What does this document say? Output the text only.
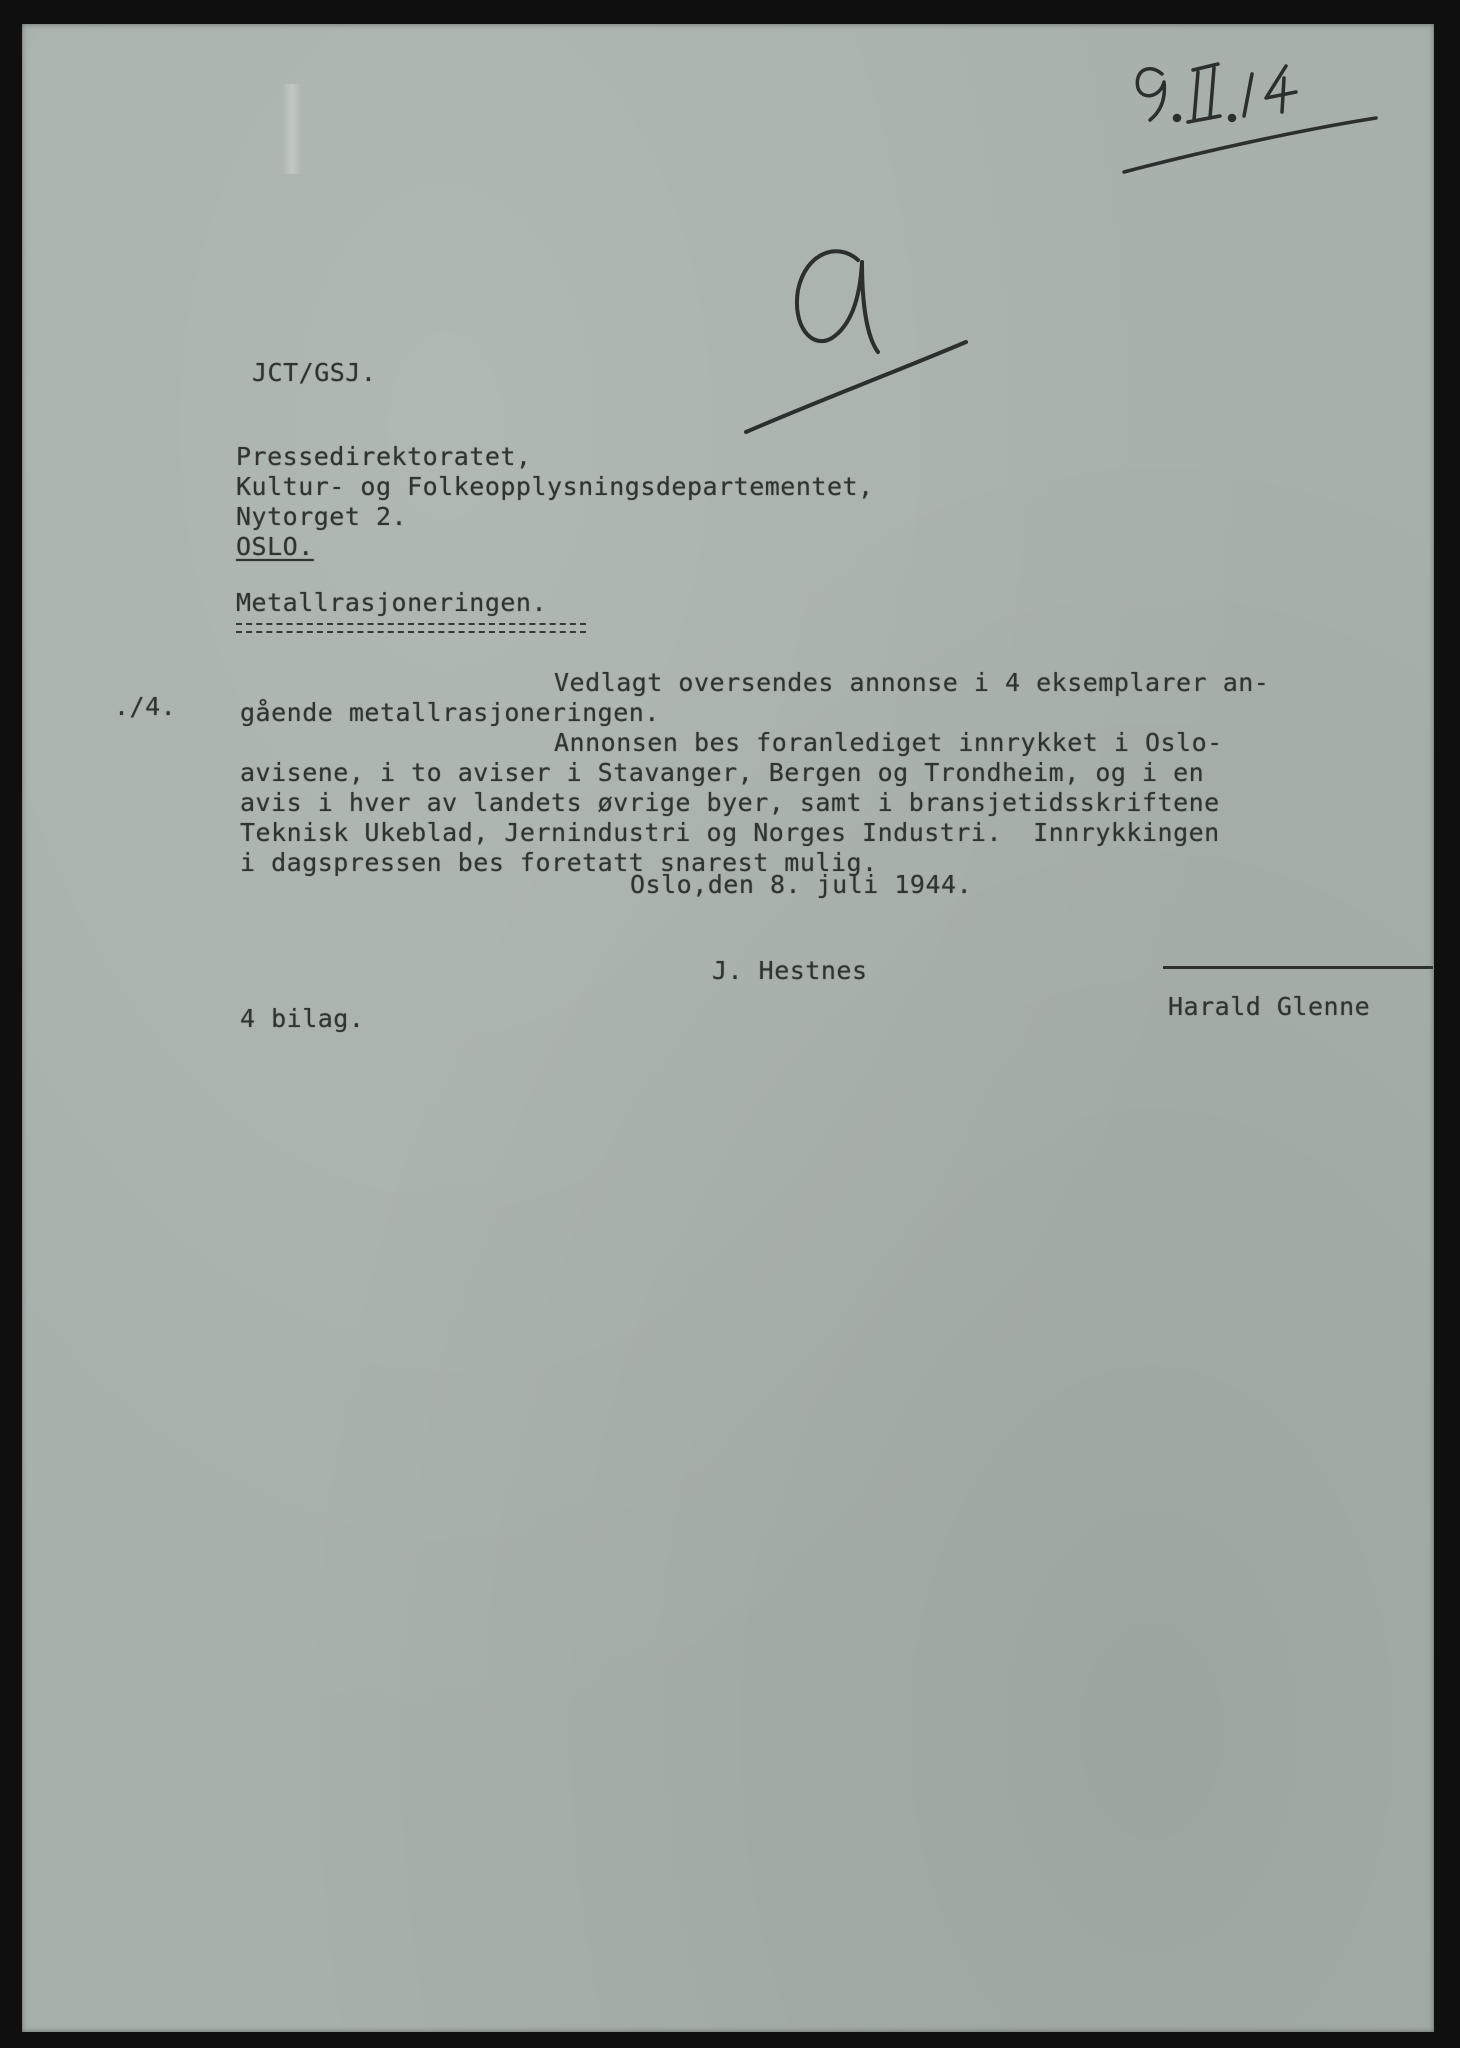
JCT/GSJ.
Pressedirektoratet,
Kultur- og Folkeopplysningsdepartementet,
Nytorget 2.
OSLO.
Metallrasjoneringen.
./4.
Vedlagt oversendes annonse i 4 eksemplarer an-
gående metallrasjoneringen.
Annonsen bes foranlediget innrykket i Oslo-
avisene, i to aviser i Stavanger, Bergen og Trondheim, og i en
avis i hver av landets øvrige byer, samt i bransjetidsskriftene
Teknisk Ukeblad, Jernindustri og Norges Industri.  Innrykkingen
i dagspressen bes foretatt snarest mulig.
Oslo,den 8. juli 1944.
J. Hestnes
Harald Glenne
4 bilag.
